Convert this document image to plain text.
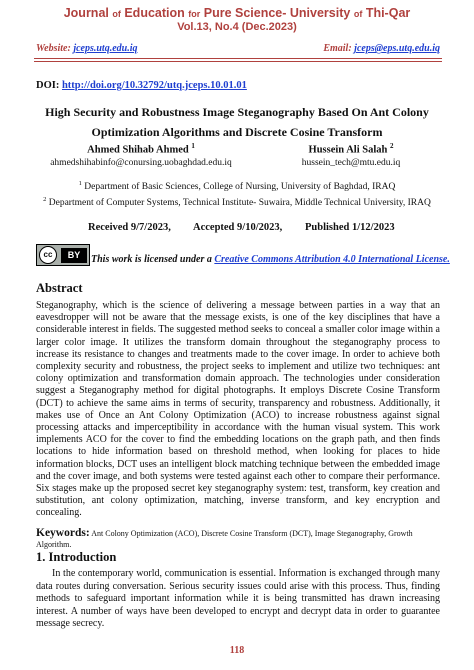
Journal of Education for Pure Science- University of Thi-Qar
Vol.13, No.4 (Dec.2023)
Website: jceps.utq.edu.iq	Email: jceps@eps.utq.edu.iq
DOI: http://doi.org/10.32792/utq.jceps.10.01.01
High Security and Robustness Image Steganography Based On Ant Colony Optimization Algorithms and Discrete Cosine Transform
Ahmed Shihab Ahmed $^1$
ahmedshihabinfo@conursing.uobaghdad.edu.iq
Hussein Ali Salah $^2$
hussein_tech@mtu.edu.iq
$^1$ Department of Basic Sciences, College of Nursing, University of Baghdad, IRAQ
$^2$ Department of Computer Systems, Technical Institute- Suwaira, Middle Technical University, IRAQ
Received 9/7/2023, Accepted 9/10/2023, Published 1/12/2023
cc	BY	This work is licensed under a Creative Commons Attribution 4.0 International License.
Abstract
Steganography, which is the science of delivering a message between parties in a way that an eavesdropper will not be aware that the message exists, is one of the key disciplines that have a considerable interest in fields. The suggested method seeks to conceal a smaller color image within a larger color image. It utilizes the transform domain throughout the steganography process to increase its resistance to changes and treatments made to the cover image. In order to achieve both complexity security and robustness, the project seeks to implement and utilize two techniques: ant colony optimization and transformation domain approach. The technologies under consideration suggest a Steganography method for digital photographs. It employs Discrete Cosine Transform (DCT) to achieve the same aims in terms of security, transparency and robustness. Additionally, it makes use of Once an Ant Colony Optimization (ACO) to increase robustness against signal processing attacks and imperceptibility in accordance with the human visual system. This work implements ACO for the cover to find the embedding locations on the graph path, and then finds locations to hide information based on threshold method, when looking for places to hide information blocks, DCT uses an intelligent block matching technique between the embedded image and the cover image, and both systems were tested against each other to compare their performance. Six stages make up the proposed secret key steganography system: test, transform, key creation and substitution, ant colony optimization, matching, inverse transform, and key encryption and concealing.
Keywords: Ant Colony Optimization (ACO), Discrete Cosine Transform (DCT), Image Steganography, Growth Algorithm.
1. Introduction
In the contemporary world, communication is essential. Information is exchanged through many data routes during conversation. Serious security issues could arise with this process. Thus, finding methods to safeguard important information while it is being transmitted has drawn increasing interest. A number of ways have been developed to encrypt and decrypt data in order to guarantee message secrecy.
118
